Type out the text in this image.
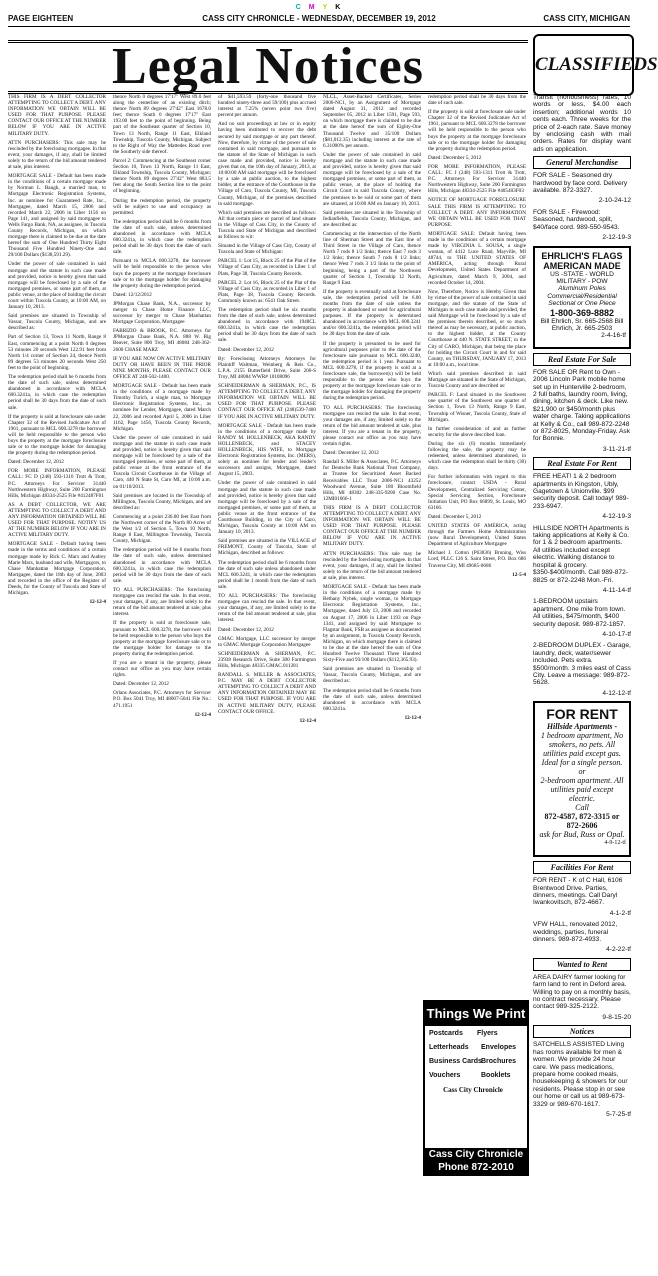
C M Y K
PAGE EIGHTEEN	CASS CITY CHRONICLE - WEDNESDAY, DECEMBER 19, 2012	CASS CITY, MICHIGAN
Legal Notices	CLASSIFIEDS

THIS FIRM IS A DEBT COLLECTOR ATTEMPTING TO COLLECT A DEBT. ANY INFORMATION WE OBTAIN WILL BE USED FOR THAT PURPOSE. PLEASE CONTACT OUR OFFICE AT THE NUMBER BELOW IF YOU ARE IN ACTIVE MILITARY DUTY.

ATTN PURCHASERS: This sale may be rescinded by the foreclosing mortgagee. In that event, your damages, if any, shall be limited solely to the return of the bid amount tendered at sale, plus interest.

MORTGAGE SALE - Default has been made in the conditions of a certain mortgage made by Norman L. Baugh, a married man, to Mortgage Electronic Registration Systems, Inc. as nominee for Guaranteed Rate, Inc., Mortgagee, dated March 15, 2006 and recorded March 22, 2006 in Liber 1156 on Page 141, and assigned by said mortgagee to Wells Fargo Bank, NA, as assignee, in Tuscola County Records, Michigan, on which mortgage there is claimed to be due at the date hereof the sum of One Hundred Thirty Eight Thousand Five Hundred Ninety-One and 29/100 Dollars ($138,591.29).

Under the power of sale contained in said mortgage and the statute in such case made and provided, notice is hereby given that said mortgage will be foreclosed by a sale of the mortgaged premises, or some part of them, at public venue, at the place of holding the circuit court within Tuscola County, at 10:00 AM, on January 10, 2013.

Said premises are situated in Township of Vassar, Tuscola County, Michigan, and are described as:

Part of Section 13, Town 11 North, Range 8 East, commencing at a point North 0 degrees 53 minutes 20 seconds West 122.91 feet from North 1/4 corner of Section 24, thence North 89 degrees 53 minutes 20 seconds West 250 feet to the point of beginning.

The redemption period shall be 6 months from the date of such sale, unless determined abandoned in accordance with MCLA 600.3241a, in which case the redemption period shall be 30 days from the date of such sale.

If the property is sold at foreclosure sale under Chapter 32 of the Revised Judicature Act of 1961, pursuant to MCL 600.3278 the borrower will be held responsible to the person who buys the property at the mortgage foreclosure sale or to the mortgage holder for damaging the property during the redemption period.

Dated: December 12, 2012

FOR MORE INFORMATION, PLEASE CALL: FC D (248) 593-1310 Trott & Trott, P.C. Attorneys For Servicer 31440 Northwestern Highway, Suite 200 Farmington Hills, Michigan 48334-2525 File #412487F01

AS A DEBT COLLECTOR, WE ARE ATTEMPTING TO COLLECT A DEBT AND ANY INFORMATION OBTAINED WILL BE USED FOR THAT PURPOSE. NOTIFY US AT THE NUMBER BELOW IF YOU ARE IN ACTIVE MILITARY DUTY.

MORTGAGE SALE - Default having been made in the terms and conditions of a certain mortgage made by Rick C. Marx and Audrey Marie Marx, husband and wife, Mortgagors, to Chase Manhattan Mortgage Corporation, Mortgagee, dated the 18th day of June, 2003 and recorded in the office of the Register of Deeds, for the County of Tuscola and State of Michigan.

12-12-4

thence North 0 degrees 17'17" West 89.0 feet along the centerline of an existing ditch; thence North 89 degrees 27'42" East 1678.0 feet; thence South 0 degrees 17'17" East 193.00 feet to the point of beginning. Being part of the Southeast quarter of Section 10, Town 13 North, Range 11 East, Elkland Township, Tuscola County, Michigan. Subject to the Right of Way the Mattedes Road over the Southerly side thereof.

Parcel 2: Commencing at the Southeast corner Section 10, Town 13 North, Range 11 East, Elkland Township, Tuscola County, Michigan; thence North 89 degrees 27'42" West 883.5 feet along the South Section line to the point of beginning.

During the redemption period, the property will be subject to use and occupancy as permitted.

The redemption period shall be 6 months from the date of such sale, unless determined abandoned in accordance with MCLA 600.3241a, in which case the redemption period shall be 30 days from the date of such sale.

Pursuant to MCLA 600.3278, the borrower will be held responsible to the person who buys the property at the mortgage foreclosure sale or to the mortgage holder for damaging the property during the redemption period.

Dated: 12/12/2012

JPMorgan Chase Bank, N.A., successor by merger to Chase Home Finance LLC, successor by merger to Chase Manhattan Mortgage Corporation, Mortgagee

FABRIZIO & BROOK, P.C. Attorneys for JPMorgan Chase Bank, N.A. 888 W. Big Beaver, Suite 800 Troy, MI 48084 248-362-2600 CHASE MARZ

IF YOU ARE NOW ON ACTIVE MILITARY DUTY OR HAVE BEEN IN THE PRIOR NINE MONTHS, PLEASE CONTACT OUR OFFICE AT 248-502-1400.

MORTGAGE SALE - Default has been made in the conditions of a mortgage made by Timothy Turich, a single man, to Mortgage Electronic Registration Systems, Inc., as nominee for Lender, Mortgagee, dated March 22, 2006 and recorded April 5, 2006 in Liber 1162, Page 1456, Tuscola County Records, Michigan.

Under the power of sale contained in said mortgage and the statute in such case made and provided, notice is hereby given that said mortgage will be foreclosed by a sale of the mortgaged premises, or some part of them, at public venue at the front entrance of the Tuscola Circuit Courthouse in the Village of Caro, 440 N State St, Caro MI, at 10:00 a.m. on 01/10/2013.

Said premises are located in the Township of Millington, Tuscola County, Michigan, and are described as:

Commencing at a point 236.00 feet East from the Northwest corner of the North 80 Acres of the West 1/2 of Section 5, Town 10 North, Range 8 East, Millington Township, Tuscola County, Michigan.

The redemption period will be 6 months from the date of such sale, unless determined abandoned in accordance with MCLA 600.3241a, in which case the redemption period will be 30 days from the date of such sale.

TO ALL PURCHASERS: The foreclosing mortgagee can rescind the sale. In that event, your damages, if any, are limited solely to the return of the bid amount tendered at sale, plus interest.

If the property is sold at foreclosure sale, pursuant to MCL 600.3278, the borrower will be held responsible to the person who buys the property at the mortgage foreclosure sale or to the mortgage holder for damage to the property during the redemption period.

If you are a tenant in the property, please contact our office as you may have certain rights.

Dated: December 12, 2012

Orlans Associates, P.C. Attorneys for Servicer P.O. Box 5041 Troy, MI 48007-5041 File No.: 471.1951

12-12-4

of $41,593.59 (forty-one thousand five hundred ninety-three and 59/100) plus accrued interest at 7.25% (seven point two five) percent per annum.

And no suit proceedings at law or in equity having been instituted to recover the debt secured by said mortgage or any part thereof. Now, therefore, by virtue of the power of sale contained in said mortgage, and pursuant to the statute of the State of Michigan in such case made and provided, notice is hereby given that on, the 10th day of January, 2013, at 10:00:00 AM said mortgage will be foreclosed by a sale at public auction, to the highest bidder, at the entrance of the Courthouse in the Village of Caro, Tuscola County, MI, Tuscola County, Michigan, of the premises described in said mortgage.

Which said premises are described as follows: All that certain piece or parcel of land situate in the Village of Cass City, in the County of Tuscola and State of Michigan and described as follows to wit:

Situated in the Village of Cass City, County of Tuscola and State of Michigan:

PARCEL 1: Lot 15, Block 25 of the Plat of the Village of Cass City, as recorded in Liber 1 of Plats, Page 38, Tuscola County Records.

PARCEL 2: Lot 16, Block 25 of the Plat of the Village of Cass City, as recorded in Liber 1 of Plats, Page 38, Tuscola County Records. Commonly known as: 6541 Oak Street.

The redemption period shall be six months from the date of such sale, unless determined abandoned in accordance with 1948CL 600.3241a, in which case the redemption period shall be 30 days from the date of such sale.

Dated: December 12, 2012

By: Foreclosing Attorneys Attorneys for Plaintiff Waltman, Weinberg & Reis Co., L.P.A. 2155 Butterfield Drive, Suite 200-S Troy, MI 48084 WWR# 10108096

SCHNEIDERMAN & SHERMAN, P.C., IS ATTEMPTING TO COLLECT A DEBT, ANY INFORMATION WE OBTAIN WILL BE USED FOR THAT PURPOSE. PLEASE CONTACT OUR OFFICE AT (248)539-7400 IF YOU ARE IN ACTIVE MILITARY DUTY.

MORTGAGE SALE - Default has been made in the conditions of a mortgage made by RANDY M. HOLLENBECK, AKA RANDY HOLLENBECK, and STACEY HOLLENBECK, HIS WIFE, to Mortgage Electronic Registration Systems, Inc. (MERS), solely as nominee for lender and lender's successors and assigns, Mortgagee, dated August 15, 2003.

Under the power of sale contained in said mortgage and the statute in such case made and provided, notice is hereby given that said mortgage will be foreclosed by a sale of the mortgaged premises, or some part of them, at public venue at the front entrance of the Courthouse Building, in the City of Caro, Michigan, Tuscola County at 10:00 AM on January 10, 2013.

Said premises are situated in the VILLAGE of FREMONT, County of Tuscola, State of Michigan, described as follows:

The redemption period shall be 6 months from the date of such sale unless abandoned under MCL 600.3241, in which case the redemption period shall be 1 month from the date of such sale.

TO ALL PURCHASERS: The foreclosing mortgagee can rescind the sale. In that event, your damages, if any, are limited solely to the return of the bid amount tendered at sale, plus interest.

Dated: December 12, 2012

GMAC Mortgage, LLC successor by merger to GMAC Mortgage Corporation Mortgagee

SCHNEIDERMAN & SHERMAN, P.C. 23938 Research Drive, Suite 300 Farmington Hills, Michigan 48335 GMAC.011281

RANDALL S. MILLER & ASSOCIATES, P.C. MAY BE A DEBT COLLECTOR ATTEMPTING TO COLLECT A DEBT AND ANY INFORMATION OBTAINED MAY BE USED FOR THAT PURPOSE. IF YOU ARE IN ACTIVE MILITARY DUTY, PLEASE CONTACT OUR OFFICE.

12-12-4

NLCL, Asset-Backed Certificates, Series 2006-NC1, by an Assignment of Mortgage dated August 31, 2012 and recorded September 05, 2012 in Liber 1591, Page 593, on which mortgage there is claimed to be due at the date hereof the sum of Eighty-One Thousand Twelve and 35/100 Dollars ($81,012.35) including interest at the rate of 6.31000% per annum.

Under the power of sale contained in said mortgage and the statute in such case made and provided, notice is hereby given that said mortgage will be foreclosed by a sale of the mortgaged premises, or some part of them, at public venue, at the place of holding the Circuit Court in said Tuscola County, where the premises to be sold or some part of them are situated, at 10:00 AM on January 10, 2013.

Said premises are situated in the Township of Indianfields, Tuscola County, Michigan, and are described as:

Commencing at the intersection of the North line of Sherman Street and the East line of Third Street in the Village of Caro, thence North 7 rods 8 1/2 links; thence East 7 rods 3 1/2 links; thence South 7 rods 8 1/2 links; thence West 7 rods 3 1/2 links to the point of beginning, being a part of the Northwest quarter of Section 1, Township 12 North, Range 9 East.

If the property is eventually sold at foreclosure sale, the redemption period will be 6.00 months from the date of sale unless the property is abandoned or used for agricultural purposes. If the property is determined abandoned in accordance with MCL 600.3241 and/or 600.3241a, the redemption period will be 30 days from the date of sale.

If the property is presumed to be used for agricultural purposes prior to the date of the foreclosure sale pursuant to MCL 600.3240, the redemption period is 1 year. Pursuant to MCL 600.3278, if the property is sold at a foreclosure sale, the borrower(s) will be held responsible to the person who buys the property at the mortgage foreclosure sale or to the mortgage holder for damaging the property during the redemption period.

TO ALL PURCHASERS: The foreclosing mortgagee can rescind the sale. In that event, your damages are, if any, limited solely to the return of the bid amount tendered at sale, plus interest. If you are a tenant in the property, please contact our office as you may have certain rights.

Dated: December 12, 2012

Randall S. Miller & Associates, P.C. Attorneys for Deutsche Bank National Trust Company, as Trustee for Securitized Asset Backed Receivables LLC Trust 2006-NC1 43252 Woodward Avenue, Suite 180 Bloomfield Hills, MI 48302 248-335-9200 Case No. 12MI01666-1

THIS FIRM IS A DEBT COLLECTOR ATTEMPTING TO COLLECT A DEBT. ANY INFORMATION WE OBTAIN WILL BE USED FOR THAT PURPOSE. PLEASE CONTACT OUR OFFICE AT THE NUMBER BELOW IF YOU ARE IN ACTIVE MILITARY DUTY.

ATTN PURCHASERS: This sale may be rescinded by the foreclosing mortgagee. In that event, your damages, if any, shall be limited solely to the return of the bid amount tendered at sale, plus interest.

MORTGAGE SALE - Default has been made in the conditions of a mortgage made by Bethany Nybek, single woman, to Mortgage Electronic Registration Systems, Inc., Mortgagee, dated July 13, 2006 and recorded on August 17, 2006 in Liber 1193 on Page 1341, and assigned by said Mortgagee to Flagstar Bank, FSB as assignee as documented by an assignment, in Tuscola County Records, Michigan, on which mortgage there is claimed to be due at the date hereof the sum of One Hundred Twelve Thousand Three Hundred Sixty-Five and 93/100 Dollars ($112,365.93).

Said premises are situated in Township of Vassar, Tuscola County, Michigan, and are described as:

The redemption period shall be 6 months from the date of such sale, unless determined abandoned in accordance with MCLA 600.3241a.

12-12-4

redemption period shall be 30 days from the date of such sale.

If the property is sold at foreclosure sale under Chapter 32 of the Revised Judicature Act of 1961, pursuant to MCL 600.3278 the borrower will be held responsible to the person who buys the property at the mortgage foreclosure sale or to the mortgage holder for damaging the property during the redemption period.

Dated: December 5, 2012

FOR MORE INFORMATION, PLEASE CALL: FC J (248) 593-1311 Trott & Trott, P.C. Attorneys For Servicer 31440 Northwestern Highway, Suite 200 Farmington Hills, Michigan 48334-2525 File #405403F03

NOTICE OF MORTGAGE FORECLOSURE SALE THIS FIRM IS ATTEMPTING TO COLLECT A DEBT. ANY INFORMATION WE OBTAIN WILL BE USED FOR THAT PURPOSE.

MORTGAGE SALE: Default having been made in the conditions of a certain mortgage made by VIRGINIA L. SOUSA, a single woman, of 4412 Luce Road, Mayville, MI 48744, to THE UNITED STATES OF AMERICA, acting through Rural Development, United States Department of Agriculture, dated March 9, 2004, and recorded October 14, 2004.

Now, Therefore, Notice is Hereby Given that by virtue of the power of sale contained in said mortgage, and the statute of the State of Michigan in such case made and provided, the said Mortgage will be foreclosed by a sale of the premises therein described, or so much thereof as may be necessary, at public auction, to the highest bidder, at the County Courthouse at 440 N. STATE STREET, in the City of CARO, Michigan, that being the place for holding the Circuit Court in and for said County, on THURSDAY, JANUARY 17, 2013 at 10:00 a.m., local time.

Which said premises described in said Mortgage are situated in the State of Michigan, Tuscola County and are described as:

PARCEL F: Land situated in the Southwest one quarter of the Southwest one quarter of Section 1, Town 13 North, Range 9 East, Township of Wisner, Tuscola County, State of Michigan.

In further consideration of and as further security for the above described loan.

During the six (6) months immediately following the sale, the property may be redeemed, unless determined abandoned, in which case the redemption shall be thirty (30) days.

For further information with regard to this foreclosure, contact USDA - Rural Development, Centralized Servicing Center, Special Servicing Section, Foreclosure Initiation Unit, PO Box 66899, St. Louis, MO 63166.

Dated: December 5, 2012

UNITED STATES OF AMERICA, acting through the Farmers Home Administration (now Rural Development), United States Department of Agriculture Mortgagee

Michael J. Cotton (P63836) Bruning, Wiss Lord, PLLC 126 S. Saint Street, P.O. Box 686 Traverse City, MI 49685-0686

12-5-4
Things We Print
Postcards Flyers
Letterheads Envelopes
Business Cards Brochures
Vouchers	Booklets
Cass City Chronicle
Cass City Chronicle Phone 872-2010

Transit (nonbusiness) rates, 10 words or less, $4.00 each insertion; additional words 10 cents each. Three weeks for the price of 2-each rate. Save money by enclosing cash with mail orders. Rates for display want ads on application.

General Merchandise

FOR SALE - Seasoned dry hardwood by face cord. Delivery available. 872-3327.

2-10-24-12

FOR SALE - Firewood: Seasoned, hardwood, split, $40/face cord. 989-550-9543.

2-12-19-3
EHRLICH'S FLAGS
AMERICAN MADE
US -STATE - WORLD
MILITARY - POW
Aluminum Poles
Commercial/Residential
Sectional or One Piece
1-800-369-8882
Bill Ehrlich, Sr. 665-2568 Bill Ehrlich, Jr. 665-2503
2-4-16-tf
Real Estate For Sale

FOR SALE OR Rent to Own - 2006 Lincoln Park mobile home set up in Hunterville 2-bedroom, 2 full baths, laundry room, living, dining, kitchen & deck. Like new. $21,900 or $450/month plus water charge. Taking applications at Kelly & Co., call 989-872-2248 or 872-8025, Monday-Friday. Ask for Bonnie.

3-11-21-tf
Real Estate For Rent

FREE HEAT! 1 & 2 bedroom apartments in Kingston, Ubly, Gagetown & Unionville. $99 security deposit. Call today! 989-233-6947.

4-12-19-3

HILLSIDE NORTH Apartments is taking applications at Kelly & Co. for 1 & 2 bedroom apartments. All utilities included except electric. Walking distance to hospital & grocery. $350-$400/month. Call 989-872-8825 or 872-2248 Mon.-Fri.

4-11-14-tf

1-BEDROOM upstairs apartment. One mile from town. All utilities, $475/month, $400 security deposit. 989-872-1857.

4-10-17-tf

2-BEDROOM DUPLEX - Garage, laundry, deck, water/sewer included. Pets extra. $500/month. 3 miles east of Cass City. Leave a message: 989-872-5628.

4-12-12-tf
FOR RENT
Hillside Apartments -
1 bedroom apartment, No smokers, no pets. All utilities paid except gas. Ideal for a single person.
or
2-bedroom apartment. All utilities paid except electric.
Call
872-4587, 872-3315 or 872-2606
ask for Bud, Russ or Opal.
4-9-12-tf
Facilities For Rent

FOR RENT - K of C Hall, 6106 Brentwood Drive. Parties, dinners, meetings. Call Daryl Iwankovitsch, 872-4667.

4-1-2-tf

VFW HALL, renovated 2012, weddings, parties, funeral dinners. 989-872-4933.

4-2-22-tf
Wanted to Rent

AREA DAIRY farmer looking for farm land to rent in Deford area. Willing to pay on a monthly basis, no contract necessary. Please contact 989-325-2122.

9-8-15-20
Notices

SATCHELLS ASSISTED Living has rooms available for men & women. We provide 24 hour care. We pass medications, prepare home cooked meals, housekeeping & showers for our residents. Please stop in or see our home or call us at 989-673-3329 or 989-670-1617.

5-7-25-tf
